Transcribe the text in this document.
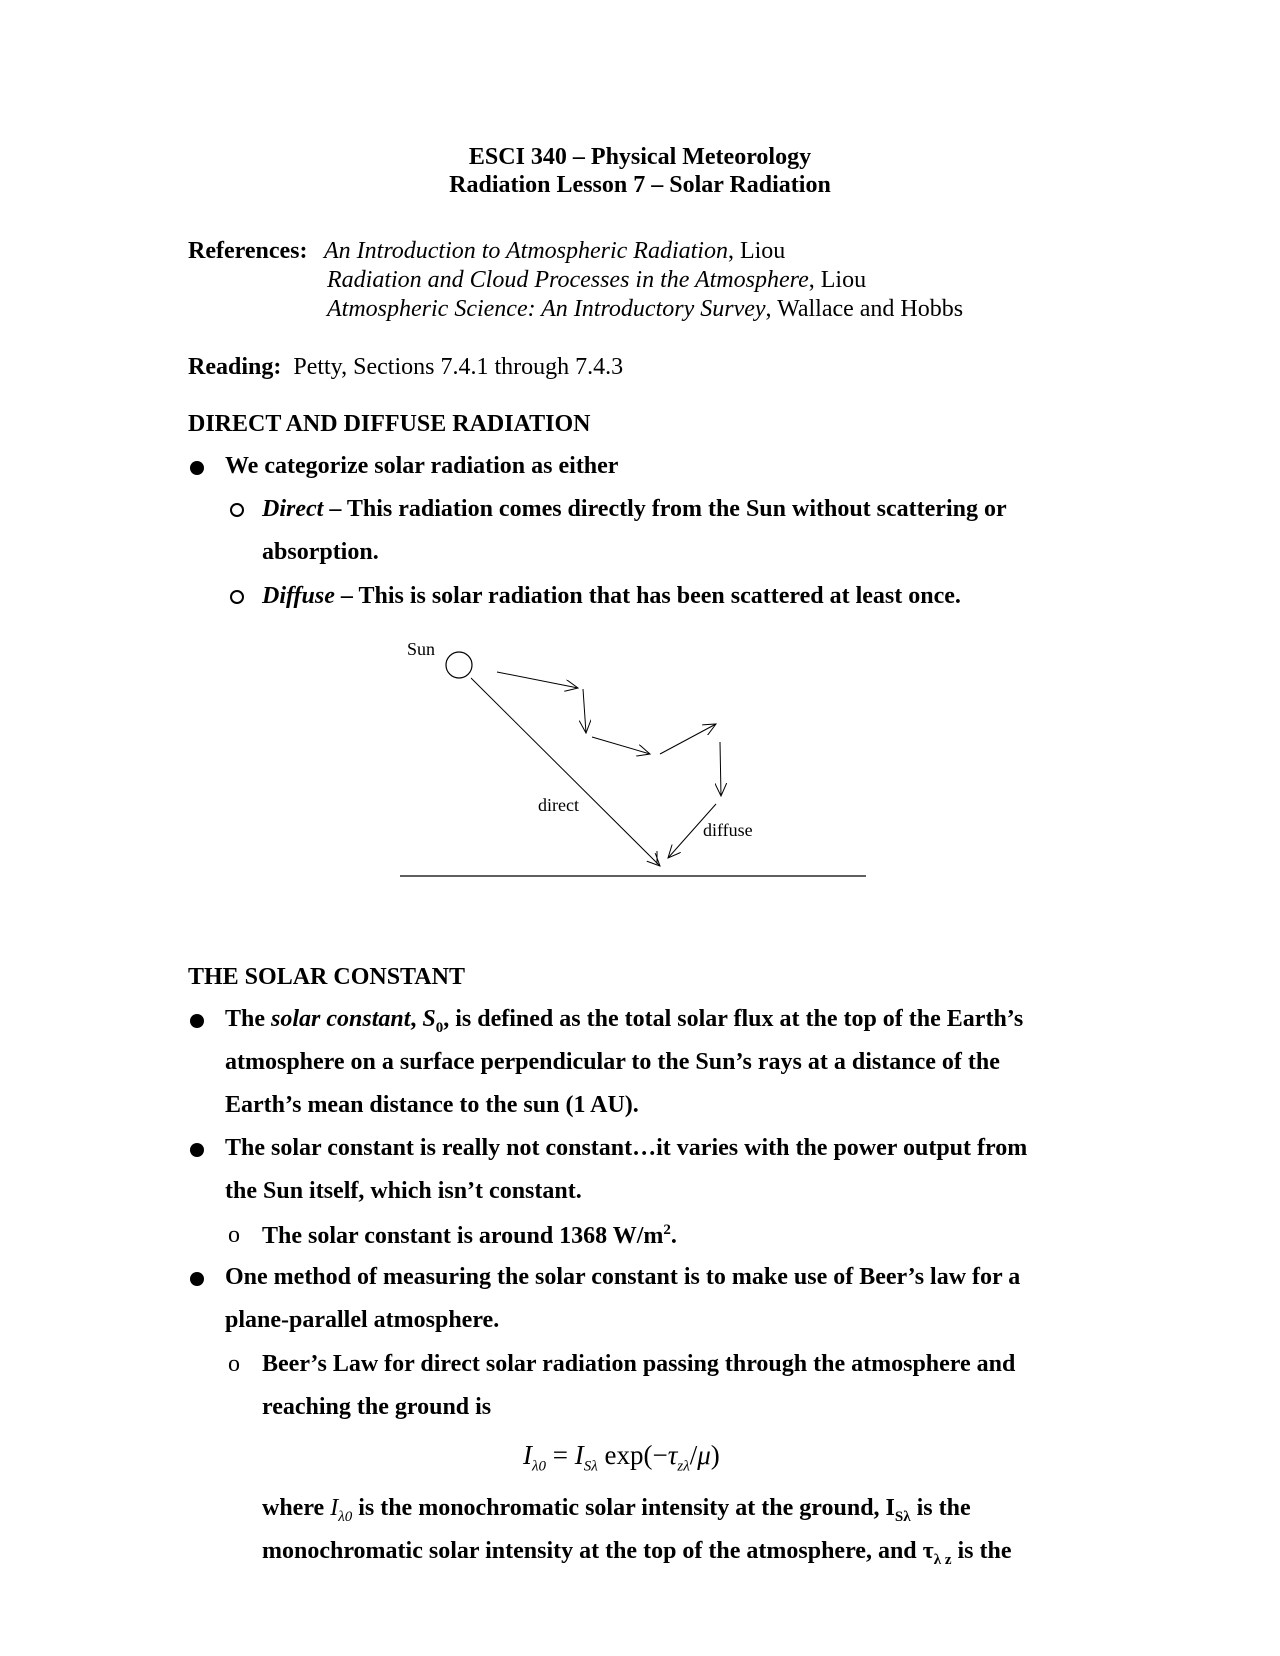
ESCI 340 – Physical Meteorology
Radiation Lesson 7 – Solar Radiation
References: An Introduction to Atmospheric Radiation, Liou
Radiation and Cloud Processes in the Atmosphere, Liou
Atmospheric Science: An Introductory Survey, Wallace and Hobbs
Reading: Petty, Sections 7.4.1 through 7.4.3
DIRECT AND DIFFUSE RADIATION
We categorize solar radiation as either
Direct – This radiation comes directly from the Sun without scattering or
absorption.
Diffuse – This is solar radiation that has been scattered at least once.
Sun
direct
diffuse
THE SOLAR CONSTANT
The solar constant, $S_0$, is defined as the total solar flux at the top of the Earth’s
atmosphere on a surface perpendicular to the Sun’s rays at a distance of the
Earth’s mean distance to the sun (1 AU).
The solar constant is really not constant…it varies with the power output from
the Sun itself, which isn’t constant.
o The solar constant is around 1368 $W/m^2$.
One method of measuring the solar constant is to make use of Beer’s law for a
plane-parallel atmosphere.
o Beer’s Law for direct solar radiation passing through the atmosphere and
reaching the ground is
$I_{\lambda 0} = I_{S\lambda}$ $\exp(-\tau_{z\lambda}/\mu)$
where $I_{\lambda 0}$ is the monochromatic solar intensity at the ground, $I_{S\lambda}$ is the
monochromatic solar intensity at the top of the atmosphere, and $\tau_{\lambda z}$ is the
